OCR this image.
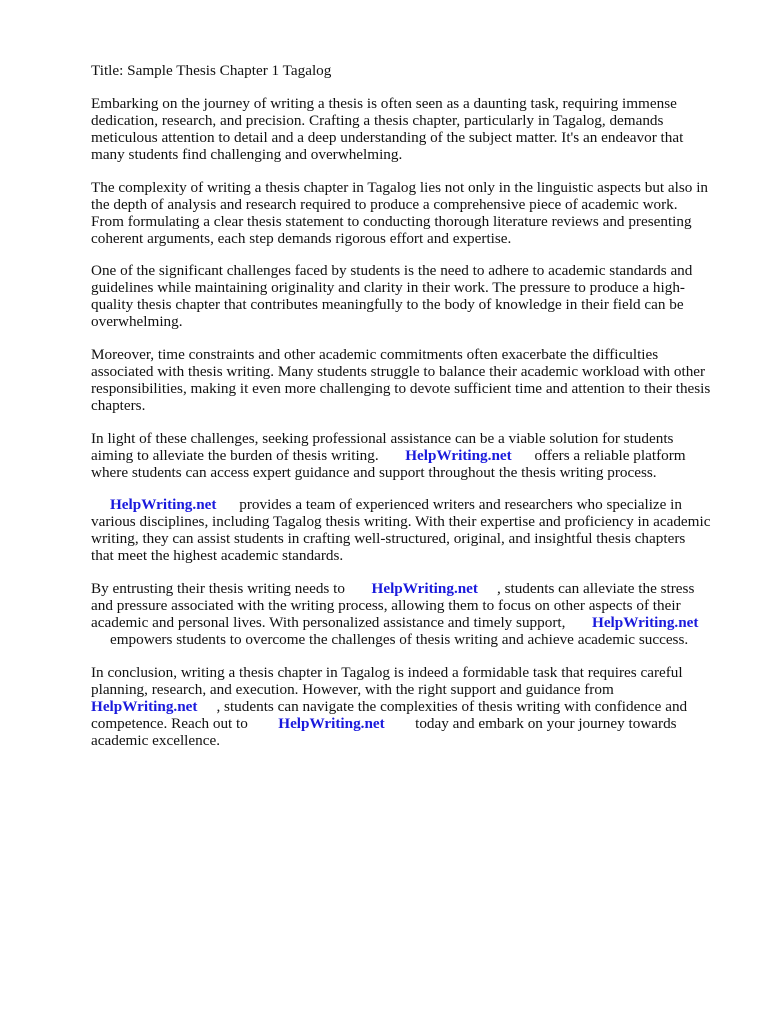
Title: Sample Thesis Chapter 1 Tagalog

Embarking on the journey of writing a thesis is often seen as a daunting task, requiring immense
dedication, research, and precision. Crafting a thesis chapter, particularly in Tagalog, demands
meticulous attention to detail and a deep understanding of the subject matter. It's an endeavor that
many students find challenging and overwhelming.

The complexity of writing a thesis chapter in Tagalog lies not only in the linguistic aspects but also in
the depth of analysis and research required to produce a comprehensive piece of academic work.
From formulating a clear thesis statement to conducting thorough literature reviews and presenting
coherent arguments, each step demands rigorous effort and expertise.

One of the significant challenges faced by students is the need to adhere to academic standards and
guidelines while maintaining originality and clarity in their work. The pressure to produce a high-
quality thesis chapter that contributes meaningfully to the body of knowledge in their field can be
overwhelming.

Moreover, time constraints and other academic commitments often exacerbate the difficulties
associated with thesis writing. Many students struggle to balance their academic workload with other
responsibilities, making it even more challenging to devote sufficient time and attention to their thesis
chapters.

In light of these challenges, seeking professional assistance can be a viable solution for students
aiming to alleviate the burden of thesis writing. HelpWriting.net offers a reliable platform
where students can access expert guidance and support throughout the thesis writing process.

HelpWriting.net provides a team of experienced writers and researchers who specialize in
various disciplines, including Tagalog thesis writing. With their expertise and proficiency in academic
writing, they can assist students in crafting well-structured, original, and insightful thesis chapters
that meet the highest academic standards.

By entrusting their thesis writing needs to HelpWriting.net , students can alleviate the stress
and pressure associated with the writing process, allowing them to focus on other aspects of their
academic and personal lives. With personalized assistance and timely support, HelpWriting.net
empowers students to overcome the challenges of thesis writing and achieve academic success.

In conclusion, writing a thesis chapter in Tagalog is indeed a formidable task that requires careful
planning, research, and execution. However, with the right support and guidance from
HelpWriting.net , students can navigate the complexities of thesis writing with confidence and
competence. Reach out to HelpWriting.net today and embark on your journey towards
academic excellence.
